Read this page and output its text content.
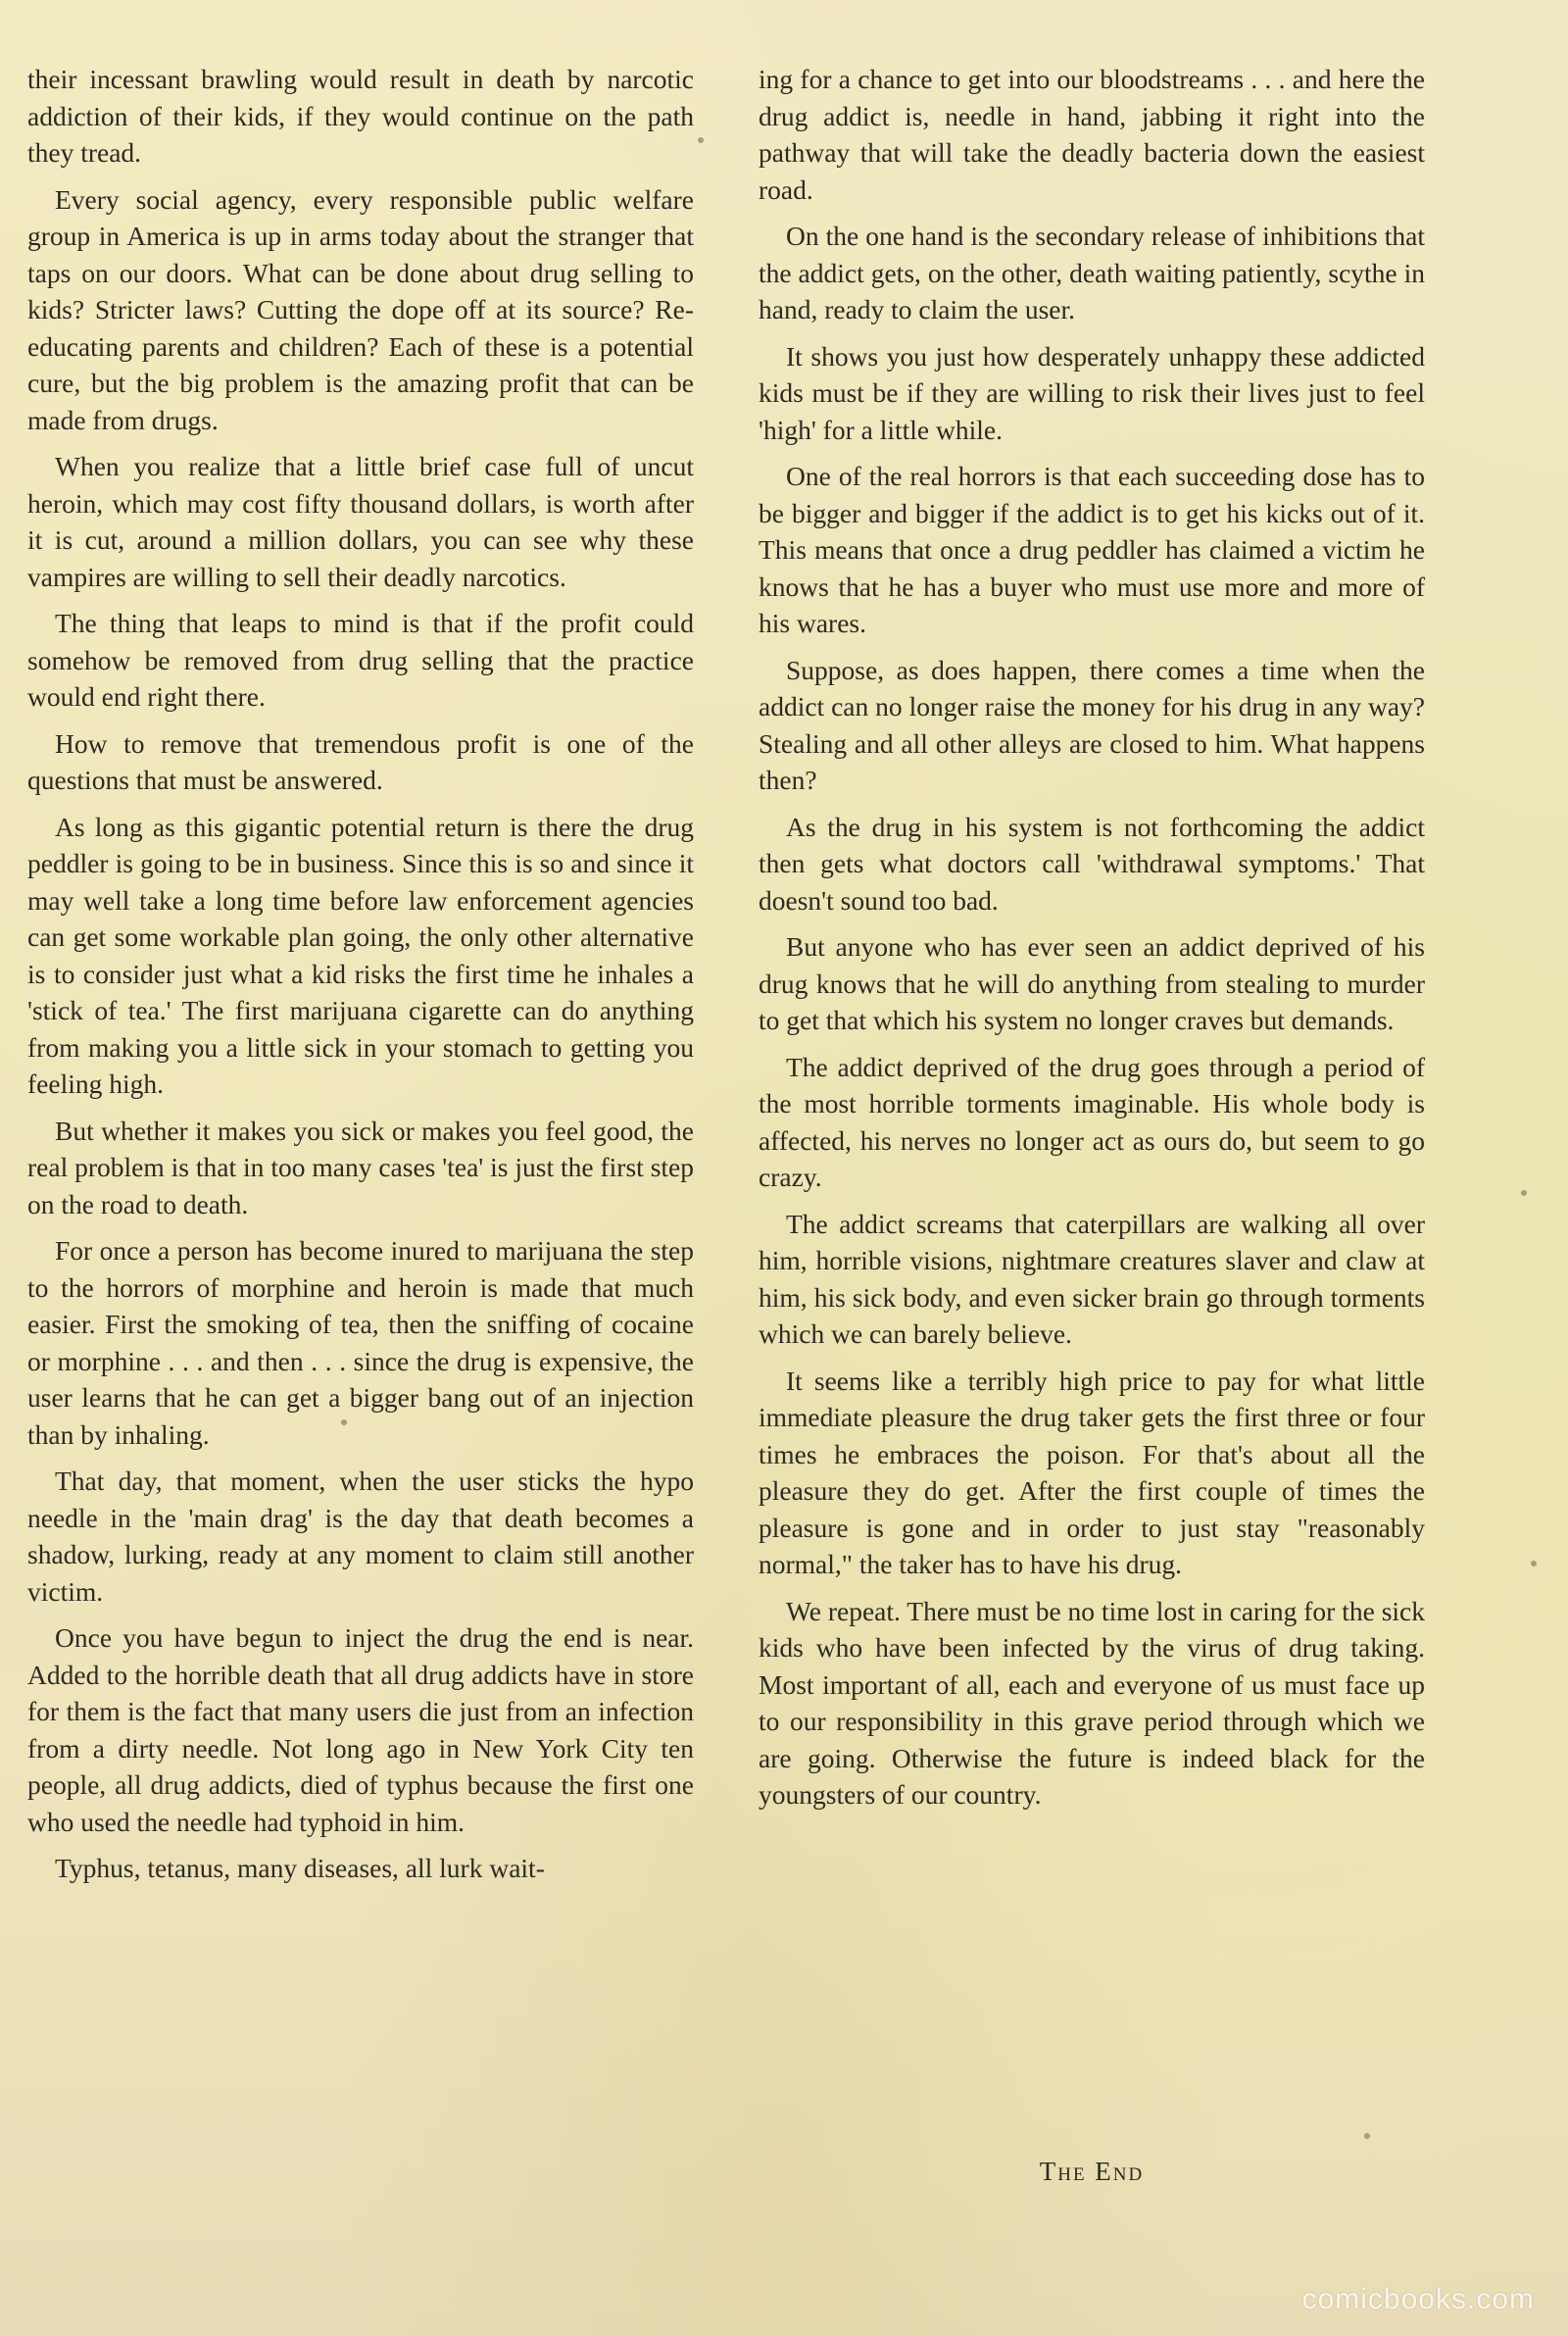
their incessant brawling would result in death by narcotic addiction of their kids, if they would continue on the path they tread.

Every social agency, every responsible public welfare group in America is up in arms today about the stranger that taps on our doors. What can be done about drug selling to kids? Stricter laws? Cutting the dope off at its source? Re-educating parents and children? Each of these is a potential cure, but the big problem is the amazing profit that can be made from drugs.

When you realize that a little brief case full of uncut heroin, which may cost fifty thousand dollars, is worth after it is cut, around a million dollars, you can see why these vampires are willing to sell their deadly narcotics.

The thing that leaps to mind is that if the profit could somehow be removed from drug selling that the practice would end right there.

How to remove that tremendous profit is one of the questions that must be answered.

As long as this gigantic potential return is there the drug peddler is going to be in business. Since this is so and since it may well take a long time before law enforcement agencies can get some workable plan going, the only other alternative is to consider just what a kid risks the first time he inhales a 'stick of tea.' The first marijuana cigarette can do anything from making you a little sick in your stomach to getting you feeling high.

But whether it makes you sick or makes you feel good, the real problem is that in too many cases 'tea' is just the first step on the road to death.

For once a person has become inured to marijuana the step to the horrors of morphine and heroin is made that much easier. First the smoking of tea, then the sniffing of cocaine or morphine . . . and then . . . since the drug is expensive, the user learns that he can get a bigger bang out of an injection than by inhaling.

That day, that moment, when the user sticks the hypo needle in the 'main drag' is the day that death becomes a shadow, lurking, ready at any moment to claim still another victim.

Once you have begun to inject the drug the end is near. Added to the horrible death that all drug addicts have in store for them is the fact that many users die just from an infection from a dirty needle. Not long ago in New York City ten people, all drug addicts, died of typhus because the first one who used the needle had typhoid in him.

Typhus, tetanus, many diseases, all lurk wait-

ing for a chance to get into our bloodstreams . . . and here the drug addict is, needle in hand, jabbing it right into the pathway that will take the deadly bacteria down the easiest road.

On the one hand is the secondary release of inhibitions that the addict gets, on the other, death waiting patiently, scythe in hand, ready to claim the user.

It shows you just how desperately unhappy these addicted kids must be if they are willing to risk their lives just to feel 'high' for a little while.

One of the real horrors is that each succeeding dose has to be bigger and bigger if the addict is to get his kicks out of it. This means that once a drug peddler has claimed a victim he knows that he has a buyer who must use more and more of his wares.

Suppose, as does happen, there comes a time when the addict can no longer raise the money for his drug in any way? Stealing and all other alleys are closed to him. What happens then?

As the drug in his system is not forthcoming the addict then gets what doctors call 'withdrawal symptoms.' That doesn't sound too bad.

But anyone who has ever seen an addict deprived of his drug knows that he will do anything from stealing to murder to get that which his system no longer craves but demands.

The addict deprived of the drug goes through a period of the most horrible torments imaginable. His whole body is affected, his nerves no longer act as ours do, but seem to go crazy.

The addict screams that caterpillars are walking all over him, horrible visions, nightmare creatures slaver and claw at him, his sick body, and even sicker brain go through torments which we can barely believe.

It seems like a terribly high price to pay for what little immediate pleasure the drug taker gets the first three or four times he embraces the poison. For that's about all the pleasure they do get. After the first couple of times the pleasure is gone and in order to just stay "reasonably normal," the taker has to have his drug.

We repeat. There must be no time lost in caring for the sick kids who have been infected by the virus of drug taking. Most important of all, each and everyone of us must face up to our responsibility in this grave period through which we are going. Otherwise the future is indeed black for the youngsters of our country.

The End
comicbooks.com
